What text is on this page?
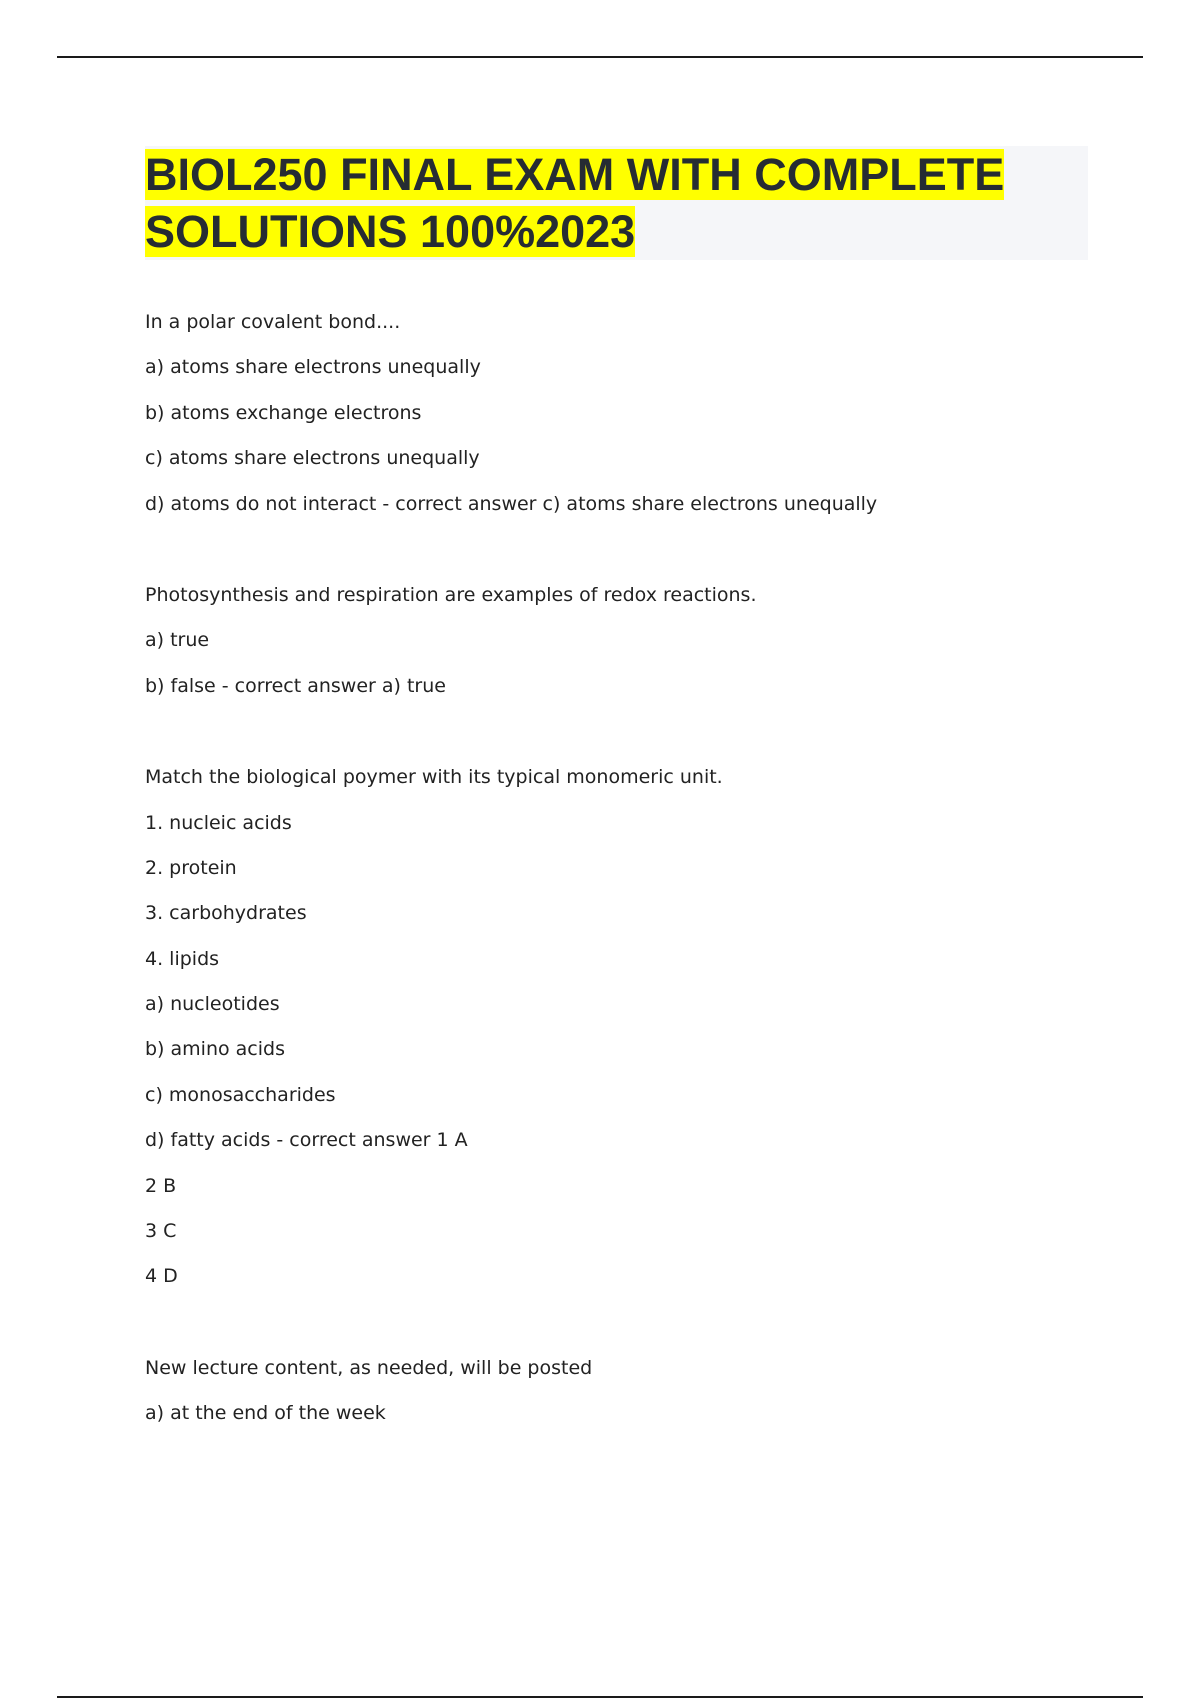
BIOL250 FINAL EXAM WITH COMPLETE SOLUTIONS 100%2023
In a polar covalent bond....
a) atoms share electrons unequally
b) atoms exchange electrons
c) atoms share electrons unequally
d) atoms do not interact - correct answer c) atoms share electrons unequally
Photosynthesis and respiration are examples of redox reactions.
a) true
b) false - correct answer a) true
Match the biological poymer with its typical monomeric unit.
1. nucleic acids
2. protein
3. carbohydrates
4. lipids
a) nucleotides
b) amino acids
c) monosaccharides
d) fatty acids - correct answer 1 A
2 B
3 C
4 D
New lecture content, as needed, will be posted
a) at the end of the week
